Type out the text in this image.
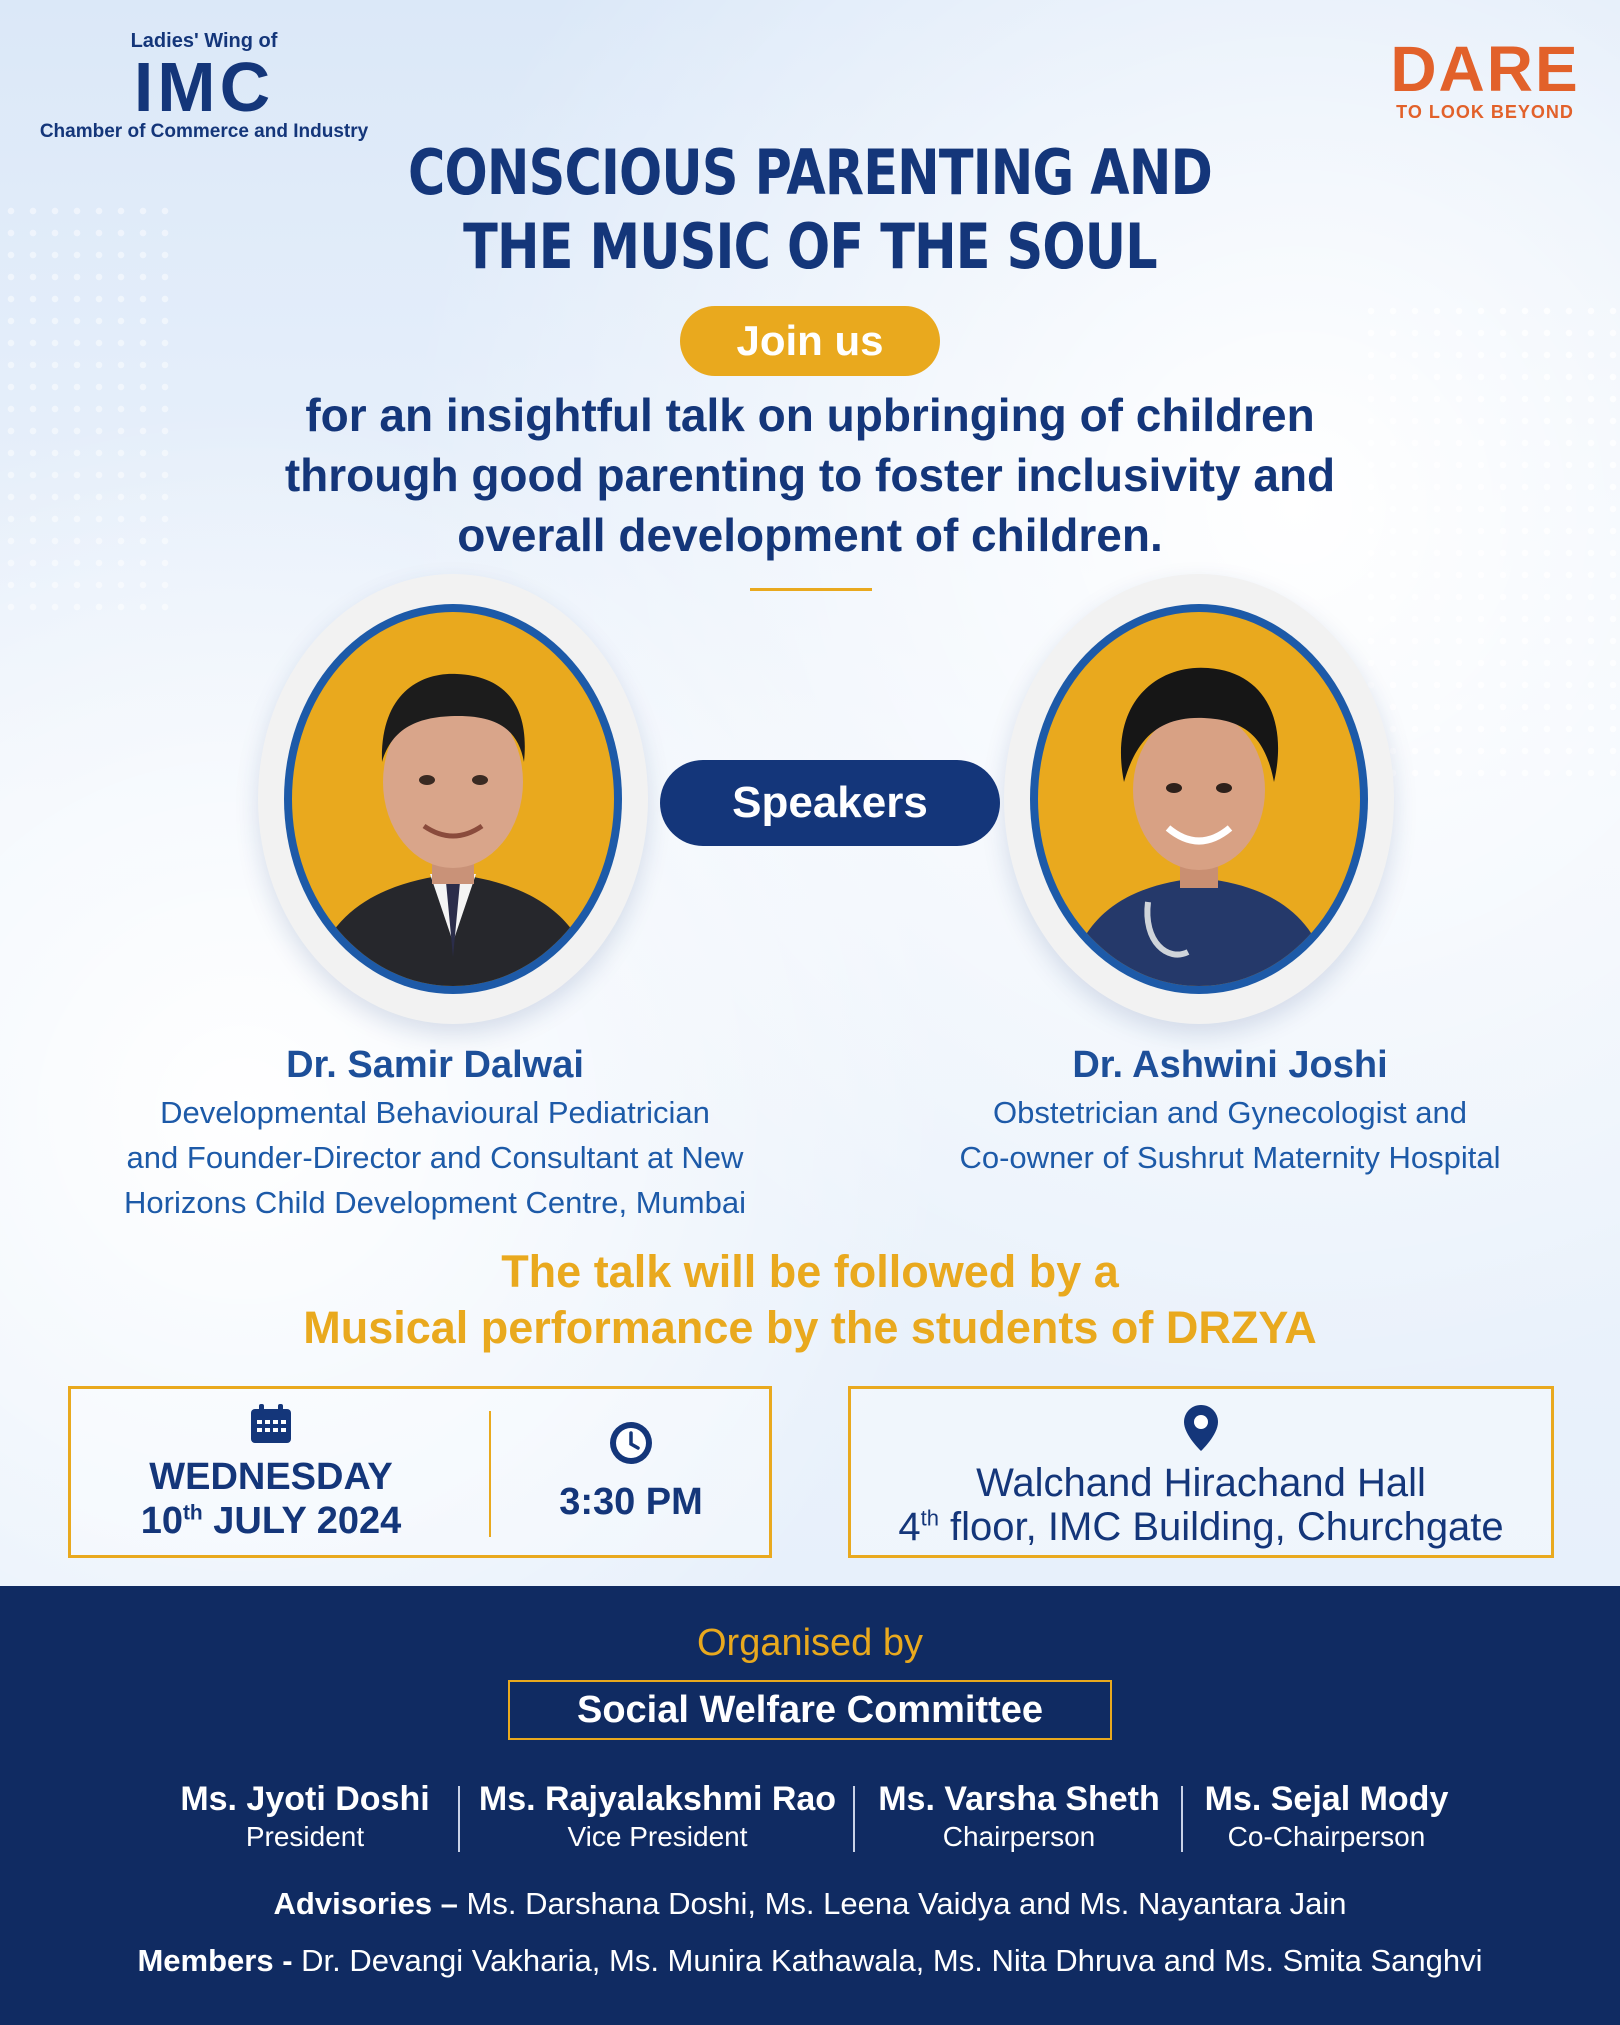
Ladies' Wing of
IMC
Chamber of Commerce and Industry
DARE
TO LOOK BEYOND
CONSCIOUS PARENTING AND
THE MUSIC OF THE SOUL
Join us
for an insightful talk on upbringing of children
through good parenting to foster inclusivity and
overall development of children.
Speakers
Dr. Samir Dalwai
Developmental Behavioural Pediatrician
and Founder-Director and Consultant at New
Horizons Child Development Centre, Mumbai
Dr. Ashwini Joshi
Obstetrician and Gynecologist and
Co-owner of Sushrut Maternity Hospital
The talk will be followed by a
Musical performance by the students of DRZYA
WEDNESDAY
10th JULY 2024	3:30 PM	Walchand Hirachand Hall
4th floor, IMC Building, Churchgate
Organised by
Social Welfare Committee
Ms. Jyoti Doshi
President
Ms. Rajyalakshmi Rao
Vice President
Ms. Varsha Sheth
Chairperson
Ms. Sejal Mody
Co-Chairperson
Advisories – Ms. Darshana Doshi, Ms. Leena Vaidya and Ms. Nayantara Jain
Members - Dr. Devangi Vakharia, Ms. Munira Kathawala, Ms. Nita Dhruva and Ms. Smita Sanghvi
